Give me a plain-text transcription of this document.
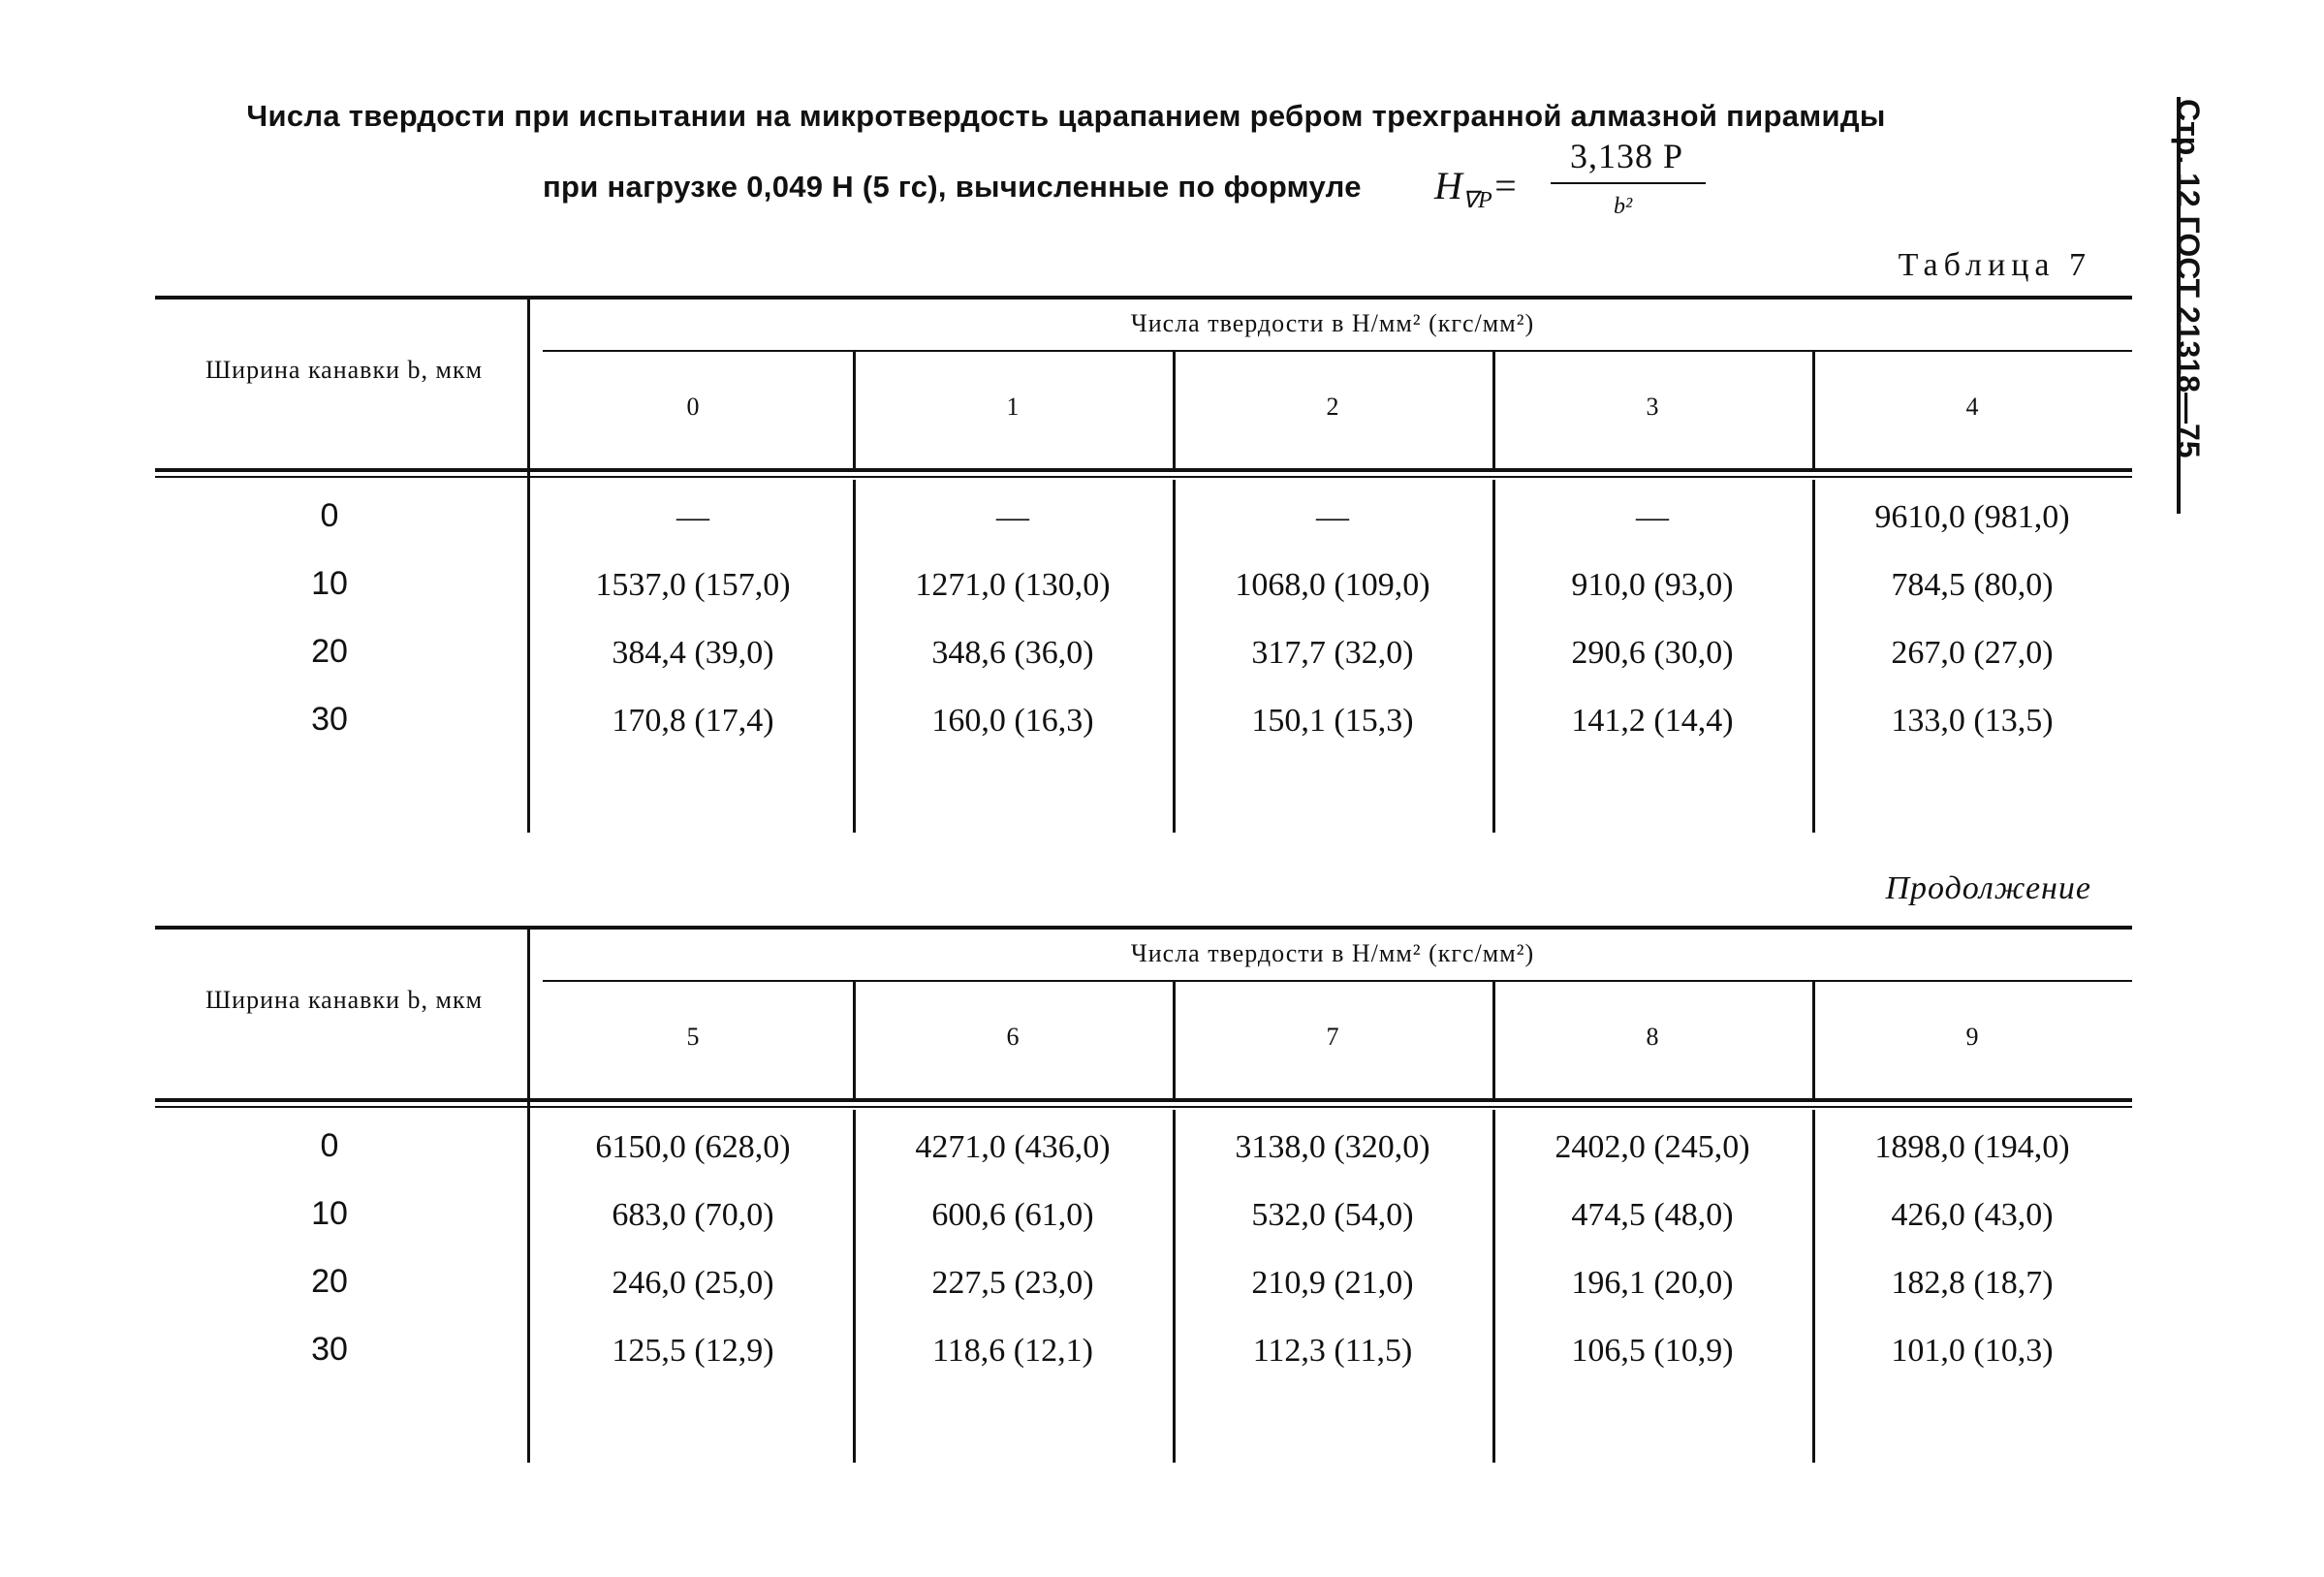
Числа твердости при испытании на микротвердость царапанием ребром трехгранной алмазной пирамиды
при нагрузке 0,049 Н (5 гс), вычисленные по формуле $H_{\nabla P}=$
3,138 P
b²	Стр. 12 ГОСТ 21318—75
Таблица 7
Продолжение
Числа твердости в Н/мм² (кгс/мм²)
Ширина канавки b, мкм
0	1	2	3	4
0	—	—	—	—	9610,0 (981,0)
10	1537,0 (157,0)	1271,0 (130,0)	1068,0 (109,0)	910,0 (93,0)	784,5 (80,0)
20	384,4 (39,0)	348,6 (36,0)	317,7 (32,0)	290,6 (30,0)	267,0 (27,0)
30	170,8 (17,4)	160,0 (16,3)	150,1 (15,3)	141,2 (14,4)	133,0 (13,5)
Числа твердости в Н/мм² (кгс/мм²)
Ширина канавки b, мкм
5	6	7	8	9
0	6150,0 (628,0)	4271,0 (436,0)	3138,0 (320,0)	2402,0 (245,0)	1898,0 (194,0)
10	683,0 (70,0)	600,6 (61,0)	532,0 (54,0)	474,5 (48,0)	426,0 (43,0)
20	246,0 (25,0)	227,5 (23,0)	210,9 (21,0)	196,1 (20,0)	182,8 (18,7)
30	125,5 (12,9)	118,6 (12,1)	112,3 (11,5)	106,5 (10,9)	101,0 (10,3)
